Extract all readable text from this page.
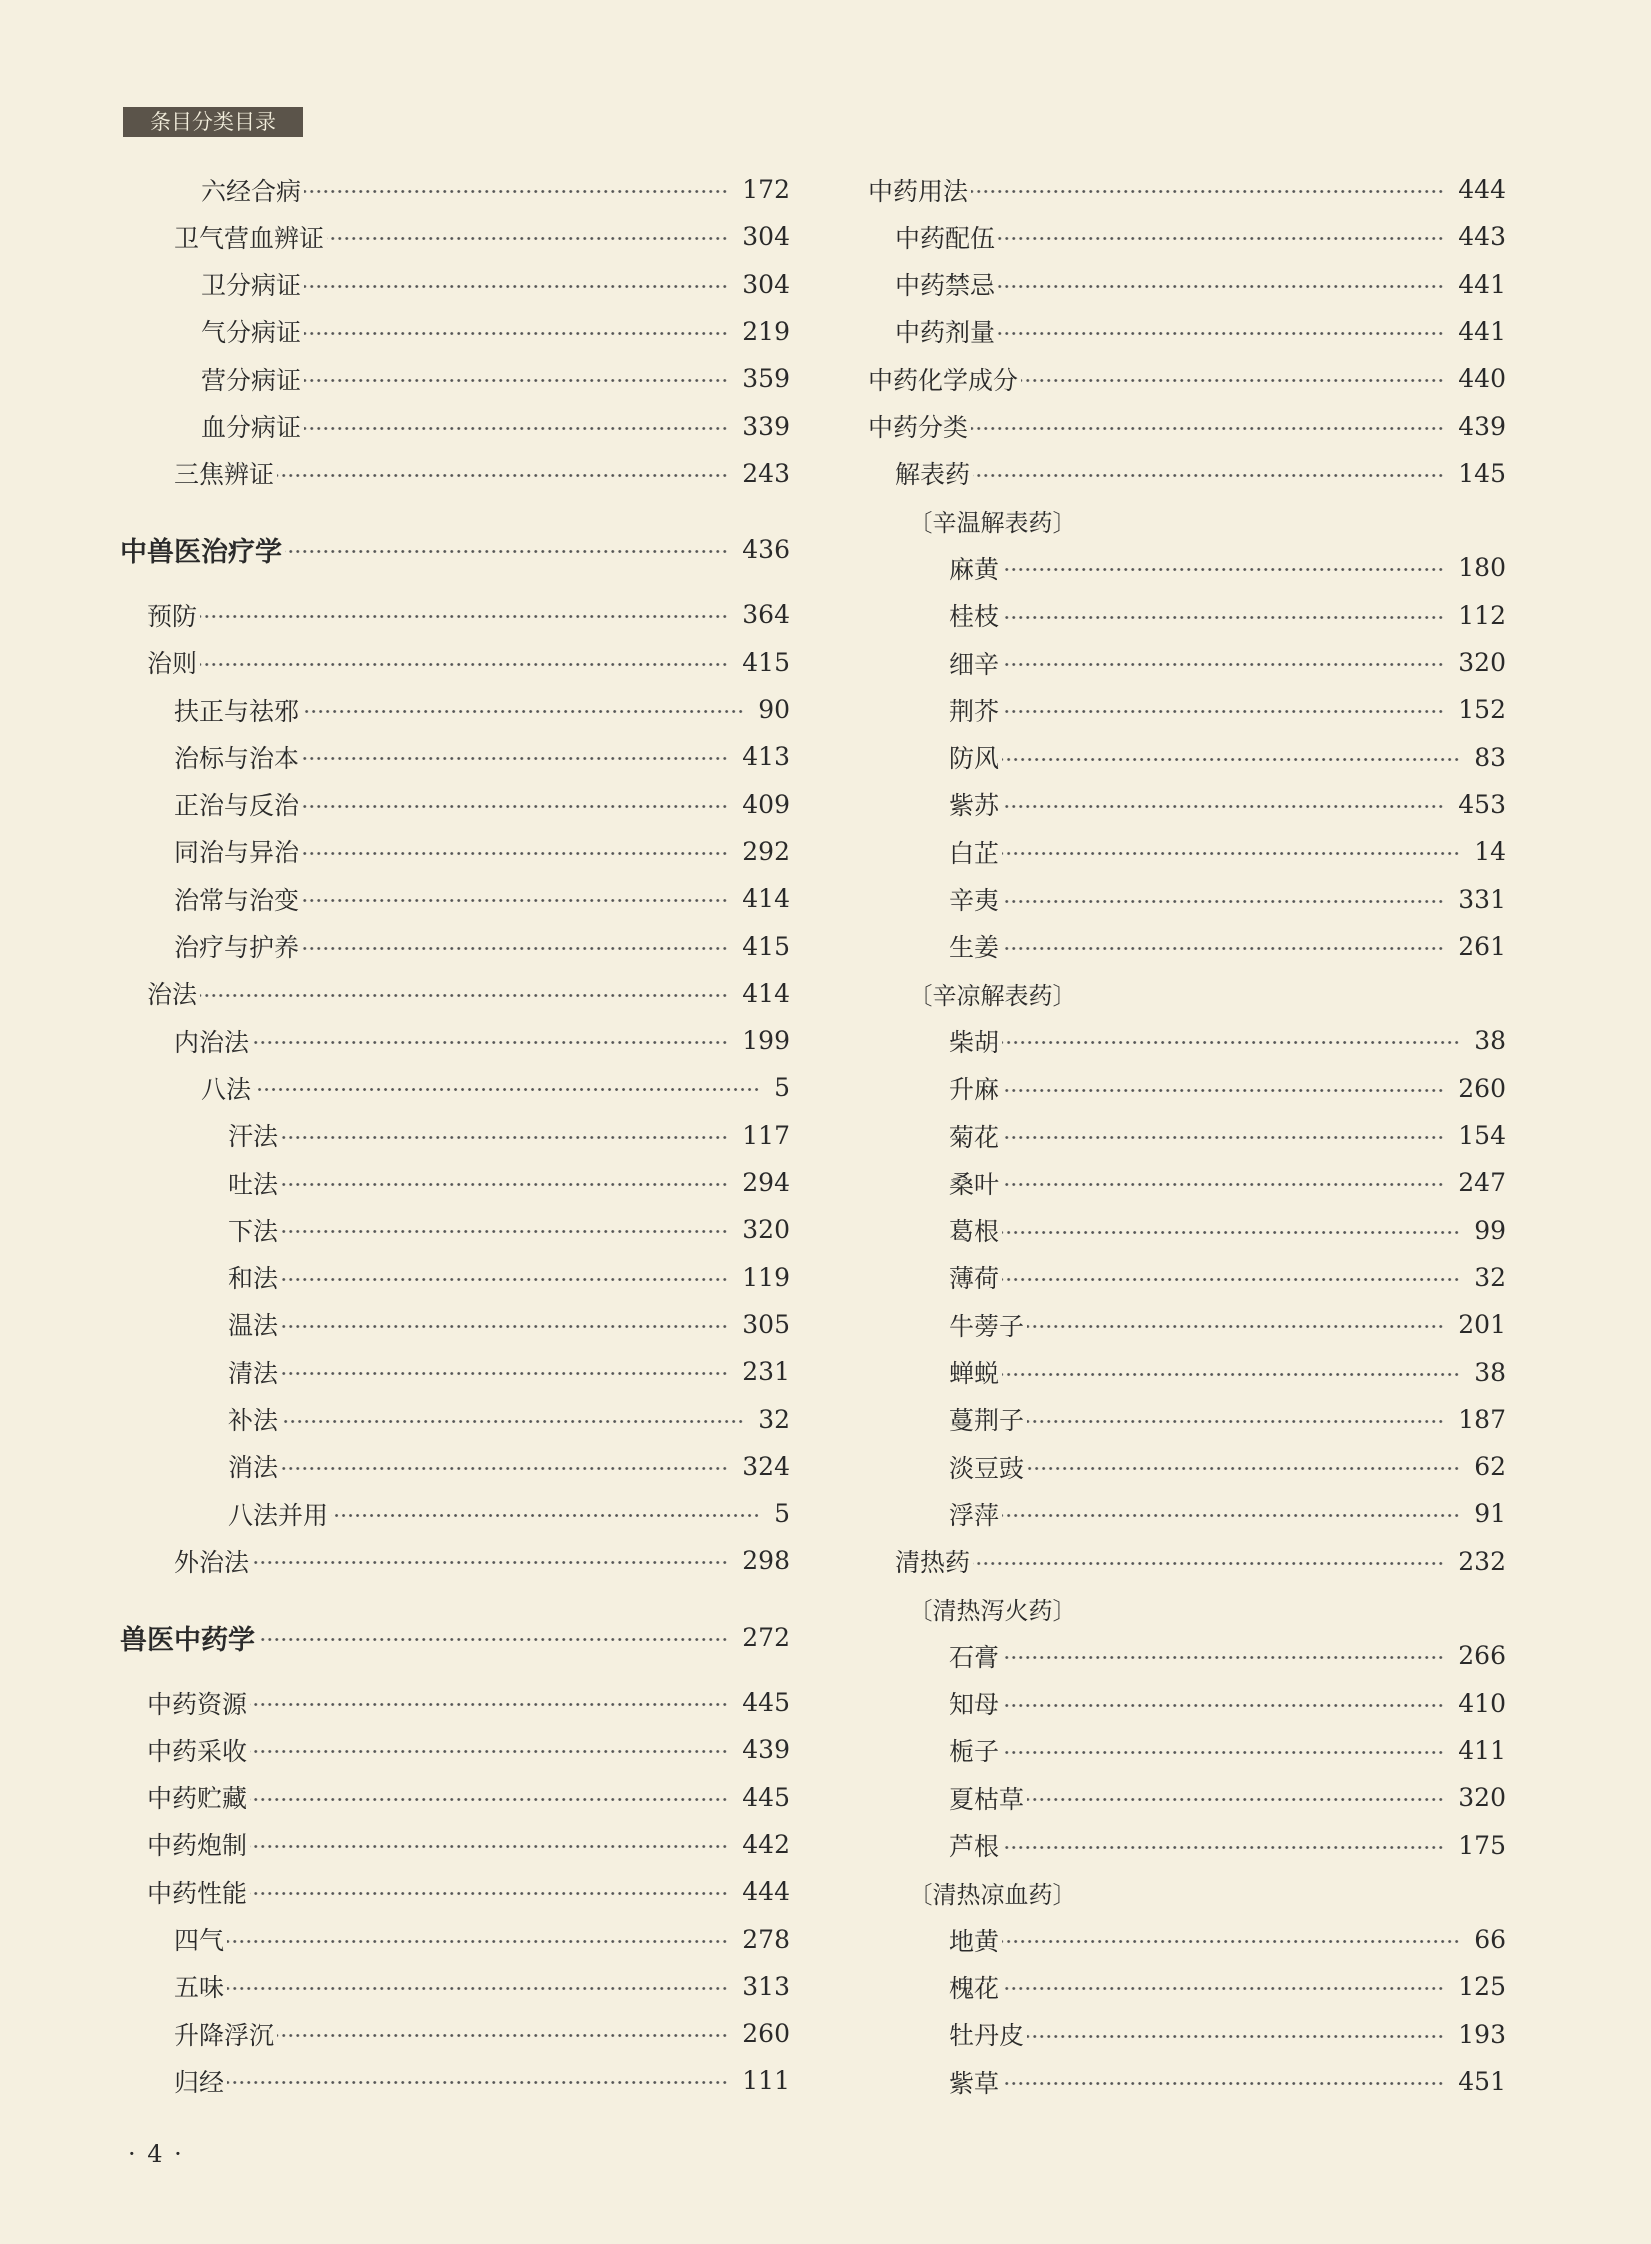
条目分类目录
六经合病	172
卫气营血辨证	304
卫分病证	304
气分病证	219
营分病证	359
血分病证	339
三焦辨证	243
中兽医治疗学	436
预防	364
治则	415
扶正与祛邪	90
治标与治本	413
正治与反治	409
同治与异治	292
治常与治变	414
治疗与护养	415
治法	414
内治法	199
八法	5
汗法	117
吐法	294
下法	320
和法	119
温法	305
清法	231
补法	32
消法	324
八法并用	5
外治法	298
兽医中药学	272
中药资源	445
中药采收	439
中药贮藏	445
中药炮制	442
中药性能	444
四气	278
五味	313
升降浮沉	260
归经	111
中药用法	444
中药配伍	443
中药禁忌	441
中药剂量	441
中药化学成分	440
中药分类	439
解表药	145
〔辛温解表药〕
麻黄	180
桂枝	112
细辛	320
荆芥	152
防风	83
紫苏	453
白芷	14
辛夷	331
生姜	261
〔辛凉解表药〕
柴胡	38
升麻	260
菊花	154
桑叶	247
葛根	99
薄荷	32
牛蒡子	201
蝉蜕	38
蔓荆子	187
淡豆豉	62
浮萍	91
清热药	232
〔清热泻火药〕
石膏	266
知母	410
栀子	411
夏枯草	320
芦根	175
〔清热凉血药〕
地黄	66
槐花	125
牡丹皮	193
紫草	451
· 4 ·
